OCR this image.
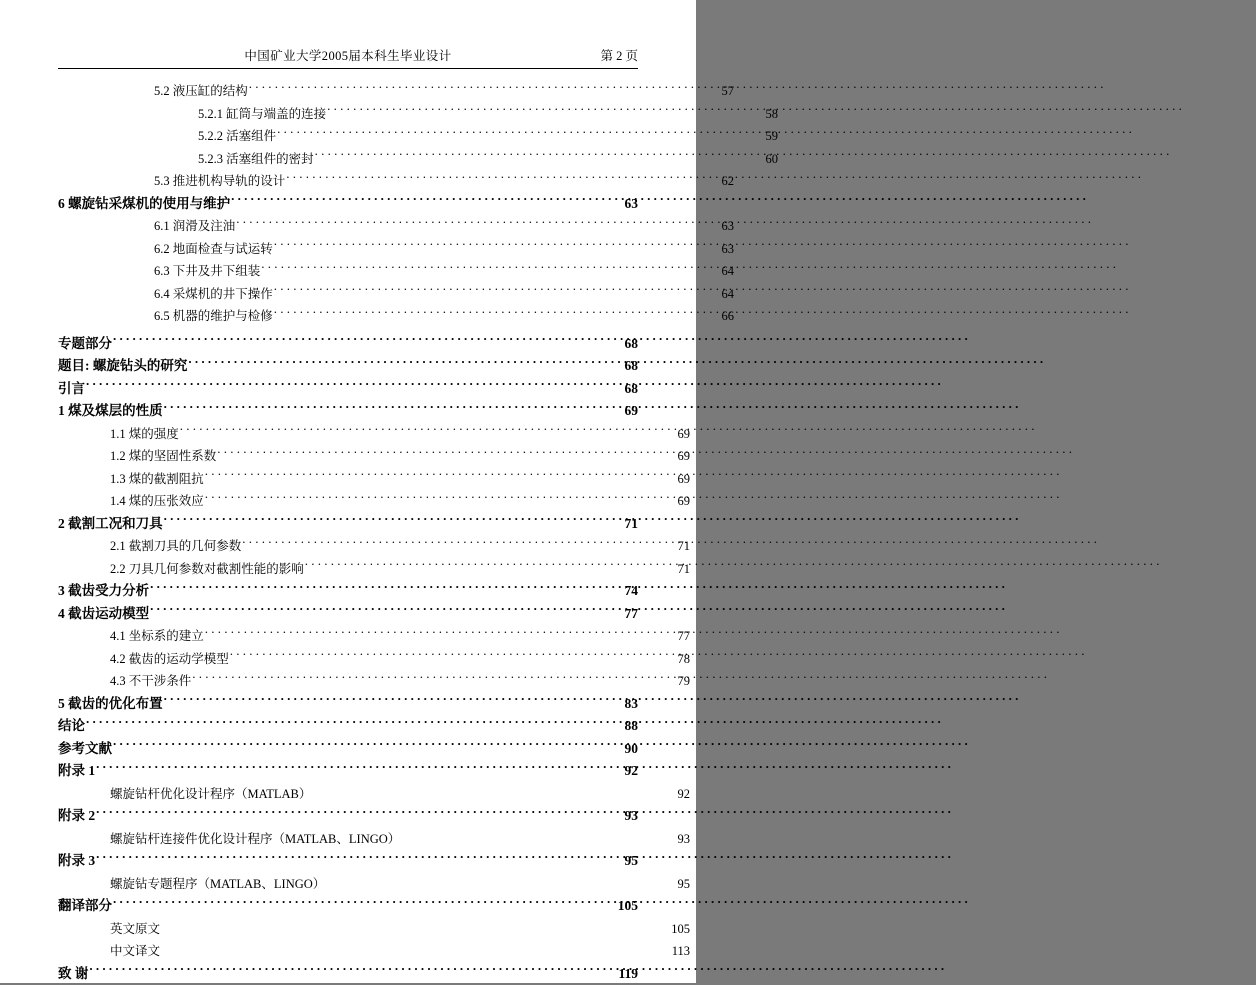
中国矿业大学2005届本科生毕业设计	第 2 页
5.2 液压缸的结构 . . .	57
5.2.1 缸筒与端盖的连接 . . .	58
5.2.2 活塞组件 . . .	59
5.2.3 活塞组件的密封 . . .	60
5.3 推进机构导轨的设计 . . .	62
6 螺旋钻采煤机的使用与维护 . . .	63
6.1 润滑及注油 . . .	63
6.2 地面检查与试运转 . . .	63
6.3 下井及井下组装 . . .	64
6.4 采煤机的井下操作 . . .	64
6.5 机器的维护与检修 . . .	66
专题部分 . . .	68
题目: 螺旋钻头的研究 . . .	68
引言 . . .	68
1 煤及煤层的性质 . . .	69
1.1 煤的强度 . . .	69
1.2 煤的坚固性系数 . . .	69
1.3 煤的截割阻抗 . . .	69
1.4 煤的压张效应 . . .	69
2 截割工况和刀具 . . .	71
2.1 截割刀具的几何参数 . . .	71
2.2 刀具几何参数对截割性能的影响 . . .	71
3 截齿受力分析 . . .	74
4 截齿运动模型 . . .	77
4.1 坐标系的建立 . . .	77
4.2 截齿的运动学模型 . . .	78
4.3 不干涉条件 . . .	79
5 截齿的优化布置 . . .	83
结论 . . .	88
参考文献 . . .	90
附录 1 . . .	92
螺旋钻杆优化设计程序（MATLAB）	92
附录 2 . . .	93
螺旋钻杆连接件优化设计程序（MATLAB、LINGO）	93
附录 3 . . .	95
螺旋钻专题程序（MATLAB、LINGO）	95
翻译部分 . . .	105
英文原文	105
中文译文	113
致 谢 . . .	119
